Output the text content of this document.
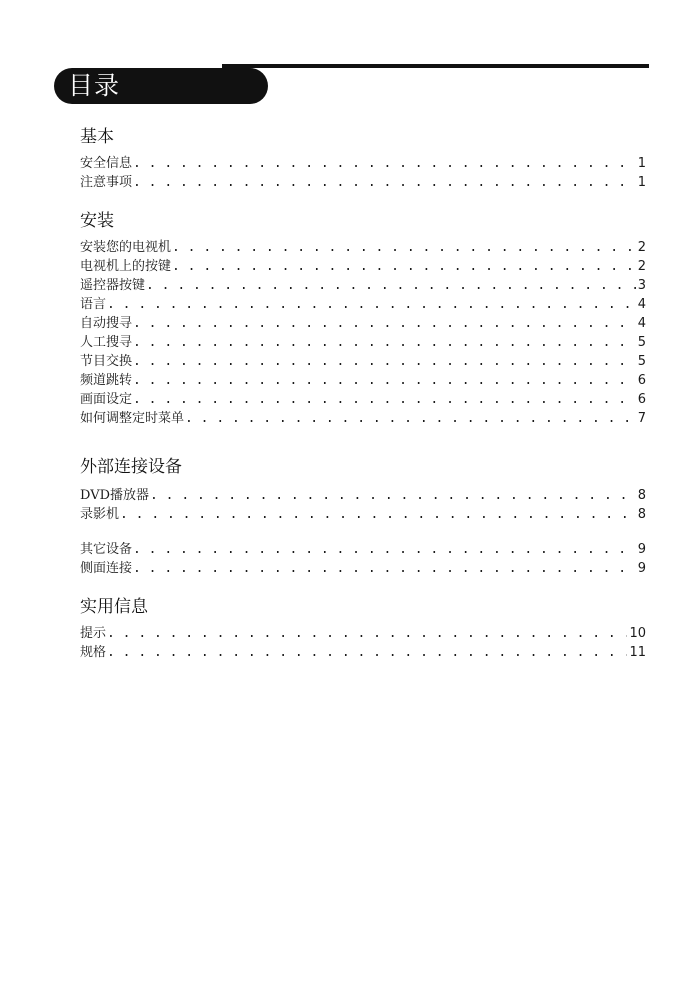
目录
基本
安全信息 . . .	1
注意事项 . . .	1
安装
安装您的电视机 . . .	2
电视机上的按键 . . .	2
遥控器按键 . . .	3
语言 . . .	4
自动搜寻 . . .	4
人工搜寻 . . .	5
节目交换 . . .	5
频道跳转 . . .	6
画面设定 . . .	6
如何调整定时菜单 . . .	7
外部连接设备
DVD播放器 . . .	8
录影机 . . .	8
其它设备 . . .	9
侧面连接 . . .	9
实用信息
提示 . . .	10
规格 . . .	11
